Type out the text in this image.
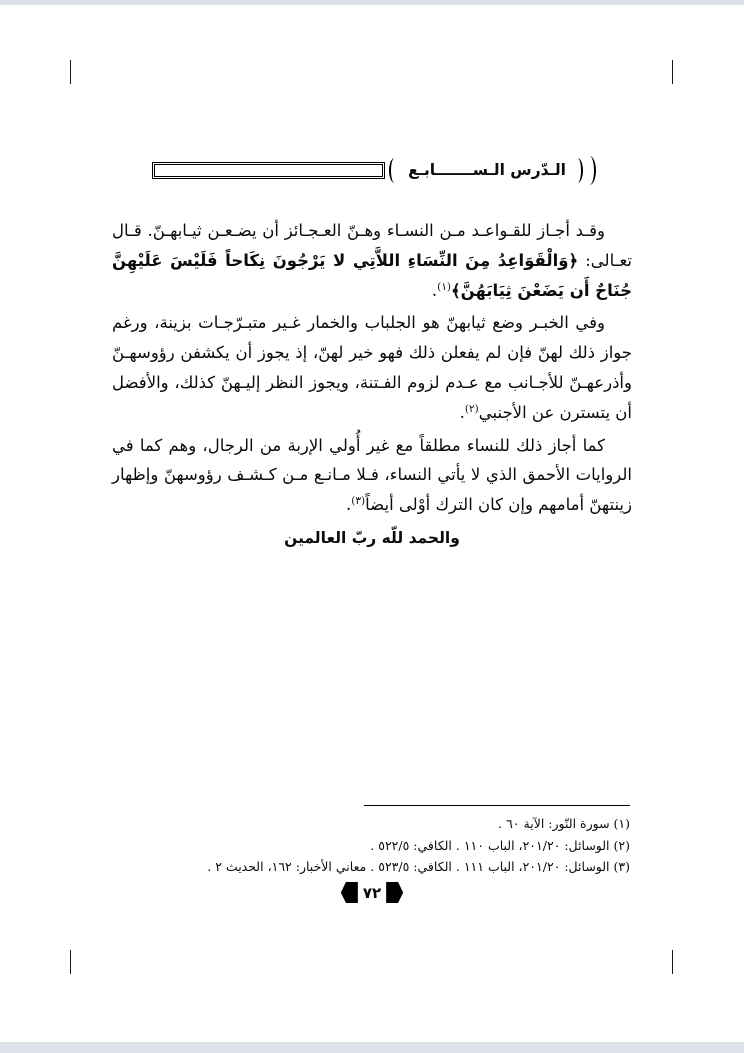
الـدّرس الـســـــــابـع

وقـد أجـاز للقـواعـد مـن النسـاء وهـنّ العـجـائز أن يضـعـن ثيـابهـنّ. قـال تعـالى: ﴿وَالْقَوَاعِدُ مِنَ النِّسَاءِ اللاَّتِي لا يَرْجُونَ نِكَاحاً فَلَيْسَ عَلَيْهِنَّ جُنَاحٌ أَن يَضَعْنَ ثِيَابَهُنَّ﴾$^{(١)}$.

وفي الخبـر وضع ثيابهنّ هو الجلباب والخمار غـير متبـرّجـات بزينة، ورغم جواز ذلك لهنّ فإن لم يفعلن ذلك فهو خير لهنّ، إذ يجوز أن يكشفن رؤوسهـنّ وأذرعهـنّ للأجـانب مع عـدم لزوم الفـتنة، ويجوز النظر إليـهنّ كذلك، والأفضل أن يتسترن عن الأجنبي$^{(٢)}$.

كما أجاز ذلك للنساء مطلقاً مع غير أُولي الإربة من الرجال، وهم كما في الروايات الأحمق الذي لا يأتي النساء، فـلا مـانـع مـن كـشـف رؤوسهنّ وإظهار زينتهنّ أمامهم وإن كان الترك أوْلى أيضاً$^{(٣)}$.

والحمد للّه ربّ العالمين

(١) سورة النّور: الآية ٦٠ .
(٢) الوسائل: ٢٠١/٢٠، الباب ١١٠ . الكافي: ٥٢٢/٥ .
(٣) الوسائل: ٢٠١/٢٠، الباب ١١١ . الكافي: ٥٢٣/٥ . معاني الأخبار: ١٦٢، الحديث ٢ .
٧٢
